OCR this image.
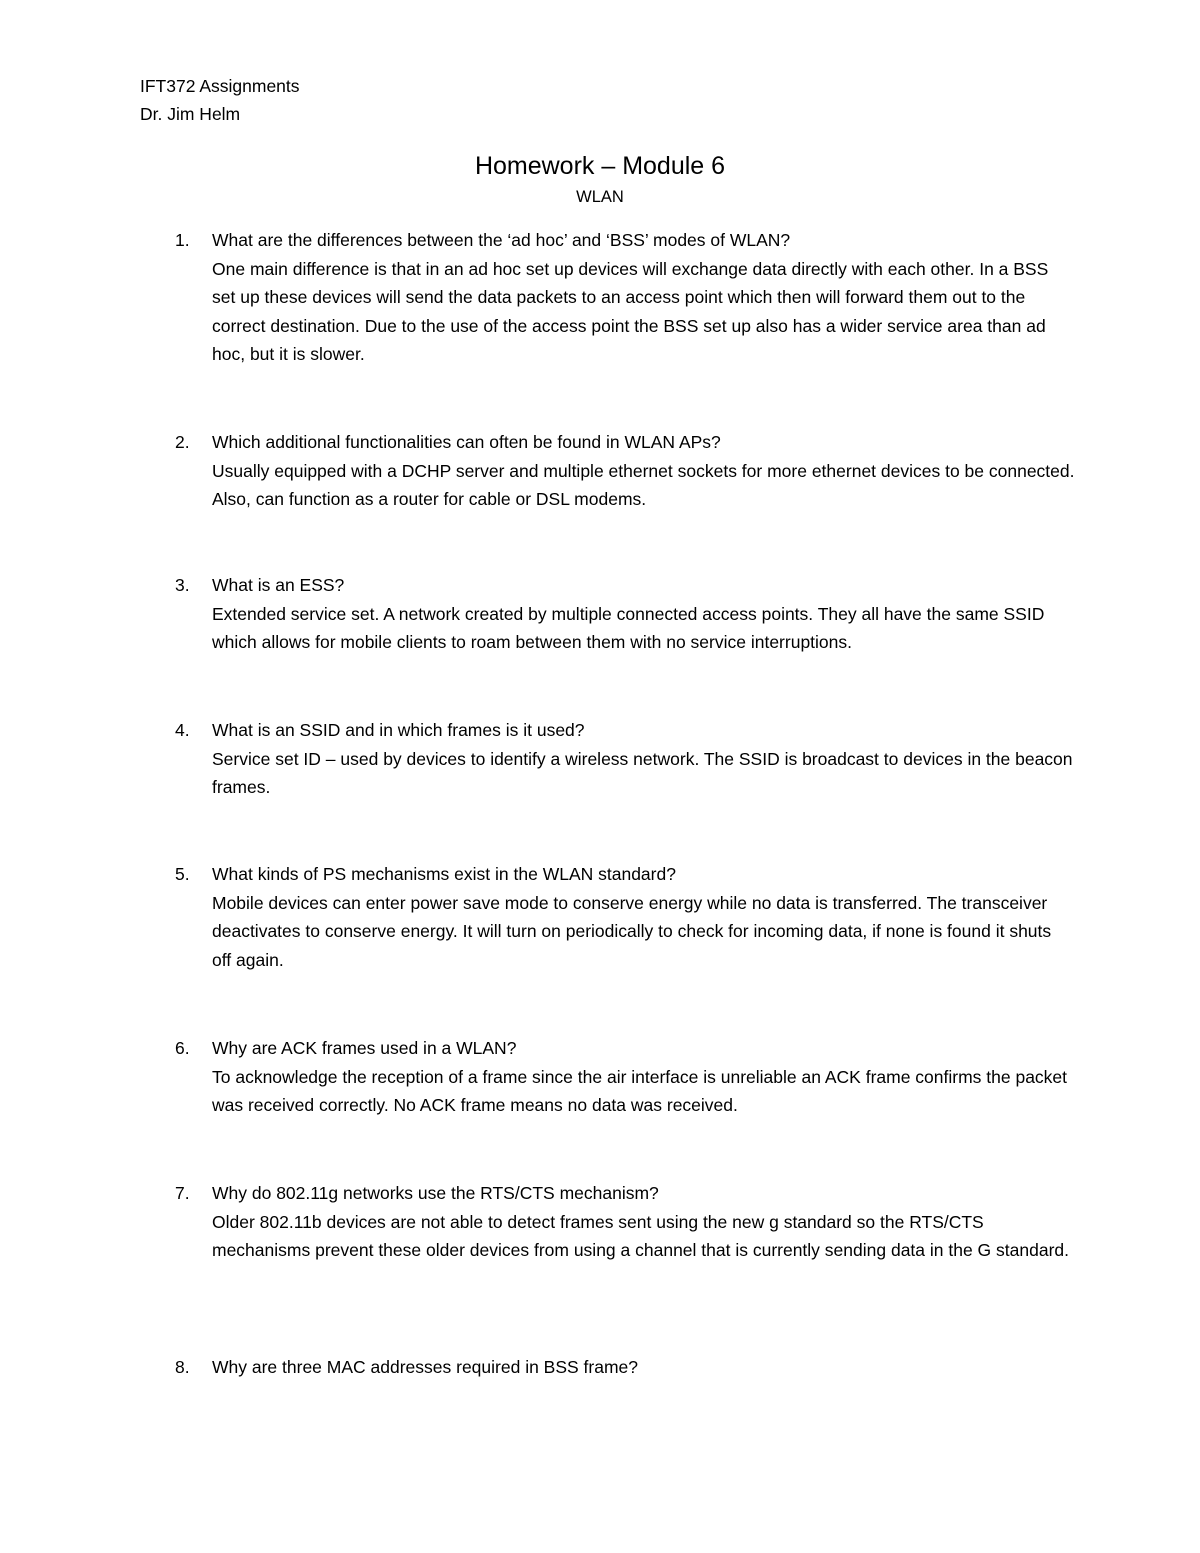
IFT372 Assignments
Dr. Jim Helm
Homework – Module 6
WLAN
1.	What are the differences between the ‘ad hoc’ and ‘BSS’ modes of WLAN?
One main difference is that in an ad hoc set up devices will exchange data directly with each other. In a BSS set up these devices will send the data packets to an access point which then will forward them out to the correct destination. Due to the use of the access point the BSS set up also has a wider service area than ad hoc, but it is slower.
2.	Which additional functionalities can often be found in WLAN APs?
Usually equipped with a DCHP server and multiple ethernet sockets for more ethernet devices to be connected. Also, can function as a router for cable or DSL modems.
3.	What is an ESS?
Extended service set. A network created by multiple connected access points. They all have the same SSID which allows for mobile clients to roam between them with no service interruptions.
4.	What is an SSID and in which frames is it used?
Service set ID – used by devices to identify a wireless network. The SSID is broadcast to devices in the beacon frames.
5.	What kinds of PS mechanisms exist in the WLAN standard?
Mobile devices can enter power save mode to conserve energy while no data is transferred. The transceiver deactivates to conserve energy. It will turn on periodically to check for incoming data, if none is found it shuts off again.
6.	Why are ACK frames used in a WLAN?
To acknowledge the reception of a frame since the air interface is unreliable an ACK frame confirms the packet was received correctly. No ACK frame means no data was received.
7.	Why do 802.11g networks use the RTS/CTS mechanism?
Older 802.11b devices are not able to detect frames sent using the new g standard so the RTS/CTS mechanisms prevent these older devices from using a channel that is currently sending data in the G standard.
8.	Why are three MAC addresses required in BSS frame?
